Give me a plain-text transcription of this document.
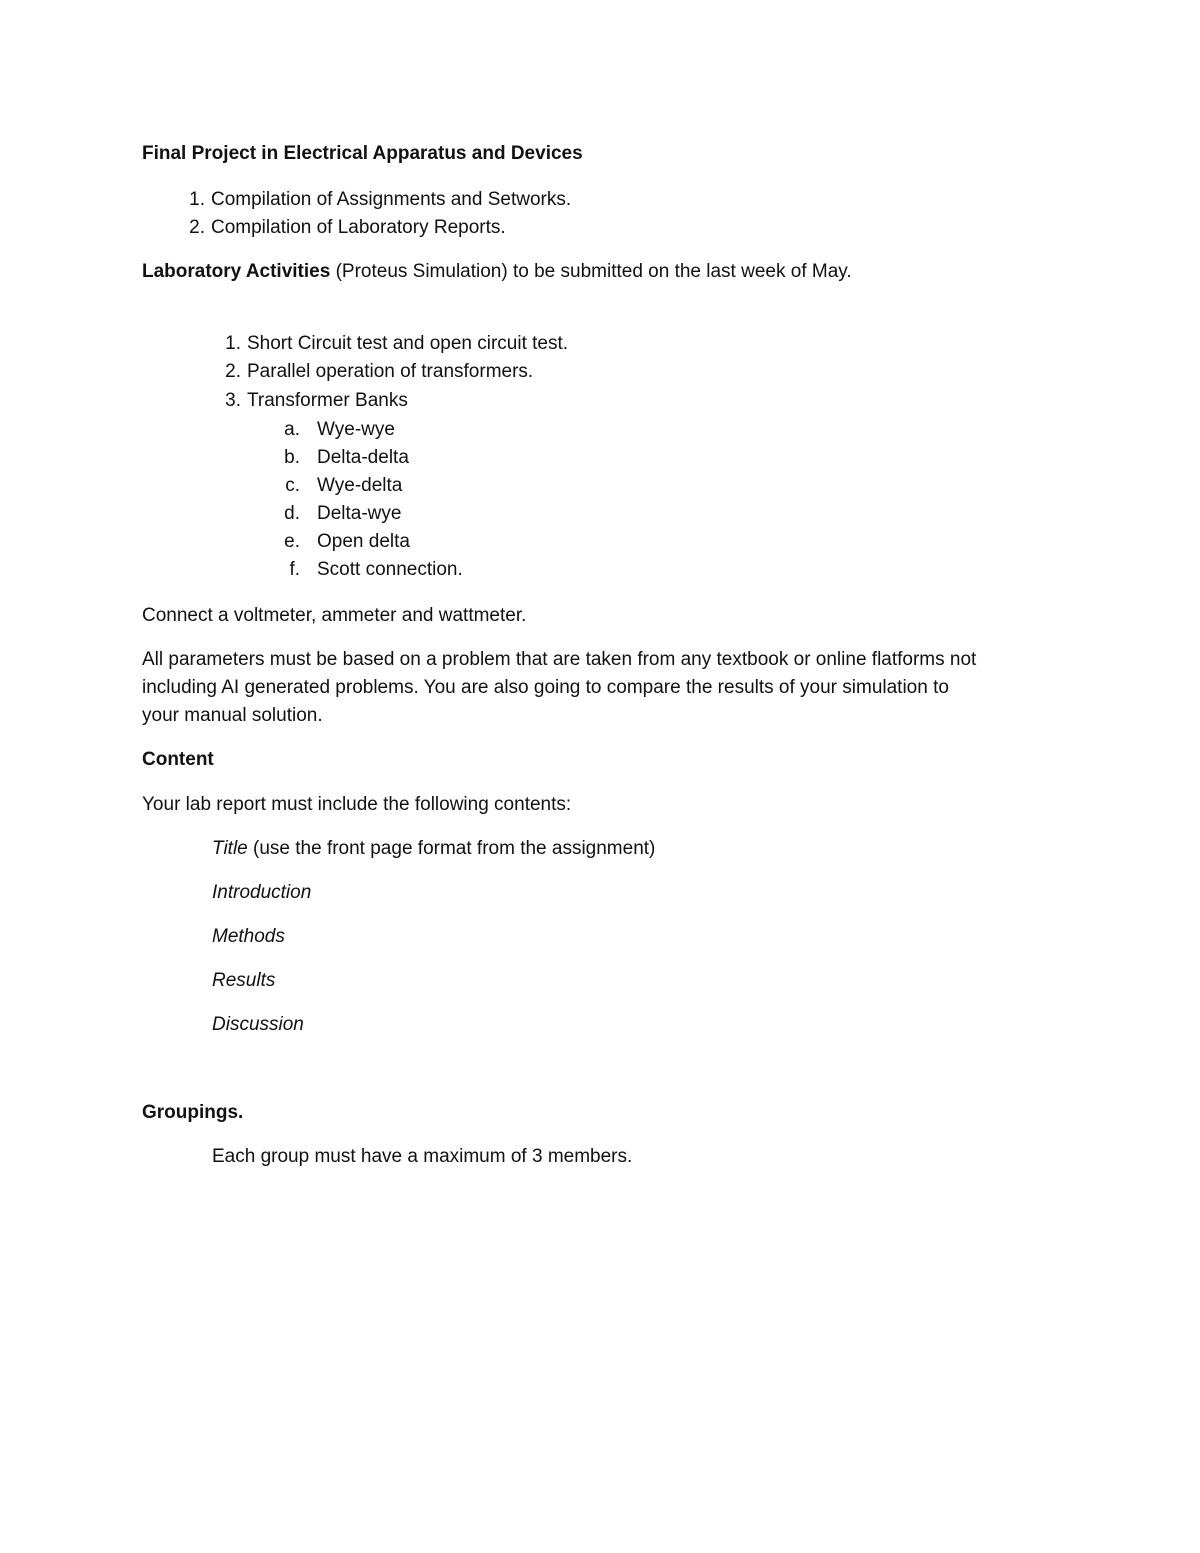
Final Project in Electrical Apparatus and Devices
1. Compilation of Assignments and Setworks.
2. Compilation of Laboratory Reports.
Laboratory Activities (Proteus Simulation) to be submitted on the last week of May.
1. Short Circuit test and open circuit test.
2. Parallel operation of transformers.
3. Transformer Banks
a. Wye-wye
b. Delta-delta
c. Wye-delta
d. Delta-wye
e. Open delta
f. Scott connection.
Connect a voltmeter, ammeter and wattmeter.
All parameters must be based on a problem that are taken from any textbook or online flatforms not
including AI generated problems. You are also going to compare the results of your simulation to
your manual solution.
Content
Your lab report must include the following contents:
Title (use the front page format from the assignment)
Introduction
Methods
Results
Discussion
Groupings.
Each group must have a maximum of 3 members.
